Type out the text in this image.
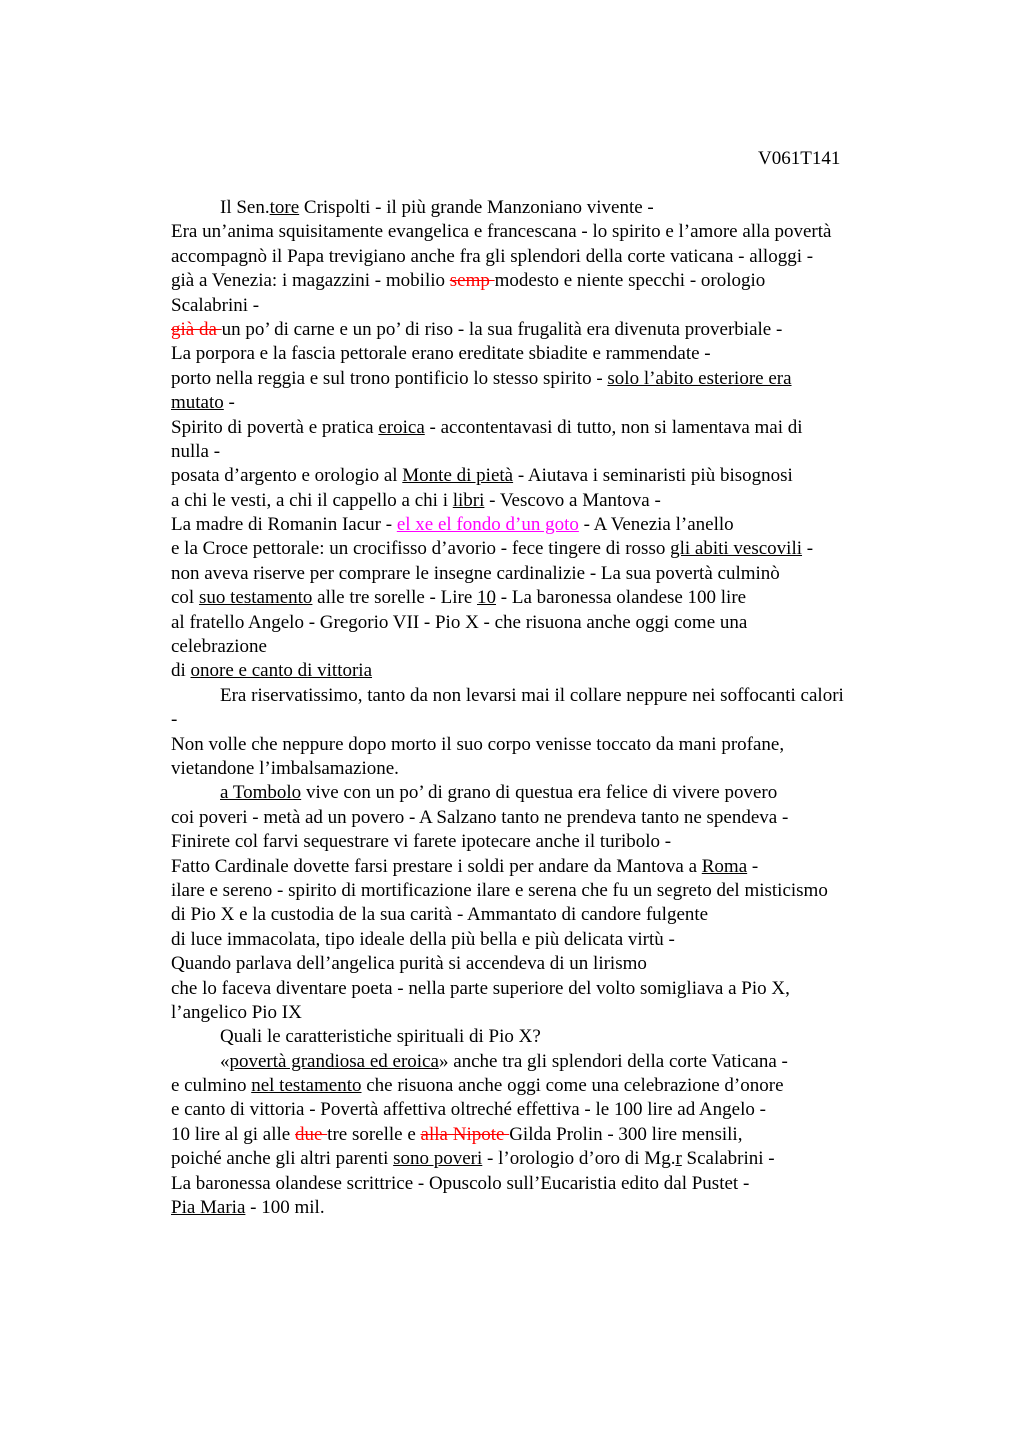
V061T141
Il Sen.tore Crispolti - il più grande Manzoniano vivente -
Era un’anima squisitamente evangelica e francescana - lo spirito e l’amore alla povertà
accompagnò il Papa trevigiano anche fra gli splendori della corte vaticana - alloggi -
già a Venezia: i magazzini - mobilio semp modesto e niente specchi - orologio
Scalabrini -
già da un po’ di carne e un po’ di riso - la sua frugalità era divenuta proverbiale -
La porpora e la fascia pettorale erano ereditate sbiadite e rammendate -
porto nella reggia e sul trono pontificio lo stesso spirito - solo l’abito esteriore era
mutato -
Spirito di povertà e pratica eroica - accontentavasi di tutto, non si lamentava mai di
nulla -
posata d’argento e orologio al Monte di pietà - Aiutava i seminaristi più bisognosi
a chi le vesti, a chi il cappello a chi i libri - Vescovo a Mantova -
La madre di Romanin Iacur - el xe el fondo d’un goto - A Venezia l’anello
e la Croce pettorale: un crocifisso d’avorio - fece tingere di rosso gli abiti vescovili -
non aveva riserve per comprare le insegne cardinalizie - La sua povertà culminò
col suo testamento alle tre sorelle - Lire 10 - La baronessa olandese 100 lire
al fratello Angelo - Gregorio VII - Pio X - che risuona anche oggi come una
celebrazione
di onore e canto di vittoria
Era riservatissimo, tanto da non levarsi mai il collare neppure nei soffocanti calori
-
Non volle che neppure dopo morto il suo corpo venisse toccato da mani profane,
vietandone l’imbalsamazione.
a Tombolo vive con un po’ di grano di questua era felice di vivere povero
coi poveri - metà ad un povero - A Salzano tanto ne prendeva tanto ne spendeva -
Finirete col farvi sequestrare vi farete ipotecare anche il turibolo -
Fatto Cardinale dovette farsi prestare i soldi per andare da Mantova a Roma -
ilare e sereno - spirito di mortificazione ilare e serena che fu un segreto del misticismo
di Pio X e la custodia de la sua carità - Ammantato di candore fulgente
di luce immacolata, tipo ideale della più bella e più delicata virtù -
Quando parlava dell’angelica purità si accendeva di un lirismo
che lo faceva diventare poeta - nella parte superiore del volto somigliava a Pio X,
l’angelico Pio IX
Quali le caratteristiche spirituali di Pio X?
«povertà grandiosa ed eroica» anche tra gli splendori della corte Vaticana -
e culmino nel testamento che risuona anche oggi come una celebrazione d’onore
e canto di vittoria - Povertà affettiva oltreché effettiva - le 100 lire ad Angelo -
10 lire al gi alle due tre sorelle e alla Nipote Gilda Prolin - 300 lire mensili,
poiché anche gli altri parenti sono poveri - l’orologio d’oro di Mg.r Scalabrini -
La baronessa olandese scrittrice - Opuscolo sull’Eucaristia edito dal Pustet -
Pia Maria - 100 mil.
